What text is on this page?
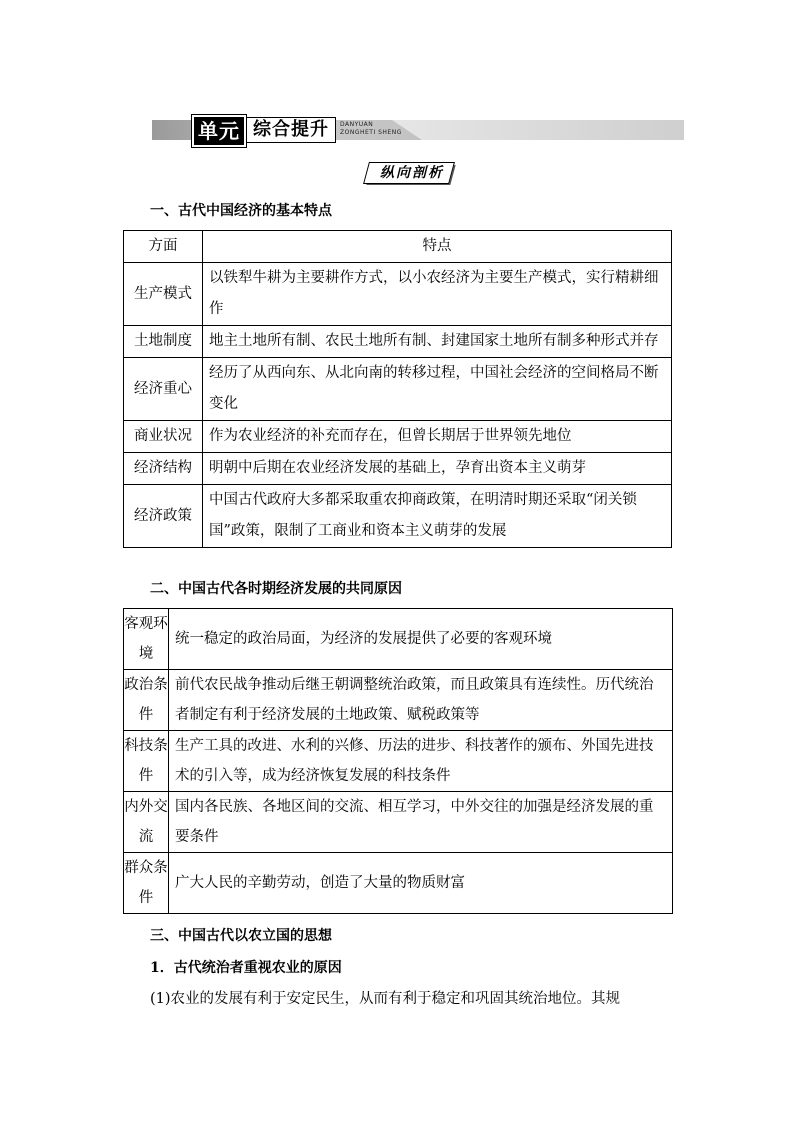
单元 综合提升	DANYUAN
ZONGHETI SHENG
纵向剖析
一、古代中国经济的基本特点
方面	特点
生产模式	以铁犁牛耕为主要耕作方式，以小农经济为主要生产模式，实行精耕细作
土地制度	地主土地所有制、农民土地所有制、封建国家土地所有制多种形式并存
经济重心	经历了从西向东、从北向南的转移过程，中国社会经济的空间格局不断变化
商业状况	作为农业经济的补充而存在，但曾长期居于世界领先地位
经济结构	明朝中后期在农业经济发展的基础上，孕育出资本主义萌芽
经济政策	中国古代政府大多都采取重农抑商政策，在明清时期还采取“闭关锁国”政策，限制了工商业和资本主义萌芽的发展
二、中国古代各时期经济发展的共同原因
客观环境	统一稳定的政治局面，为经济的发展提供了必要的客观环境
政治条件	前代农民战争推动后继王朝调整统治政策，而且政策具有连续性。历代统治者制定有利于经济发展的土地政策、赋税政策等
科技条件	生产工具的改进、水利的兴修、历法的进步、科技著作的颁布、外国先进技术的引入等，成为经济恢复发展的科技条件
内外交流	国内各民族、各地区间的交流、相互学习，中外交往的加强是经济发展的重要条件
群众条件	广大人民的辛勤劳动，创造了大量的物质财富
三、中国古代以农立国的思想
1．古代统治者重视农业的原因
(1)农业的发展有利于安定民生，从而有利于稳定和巩固其统治地位。其规
